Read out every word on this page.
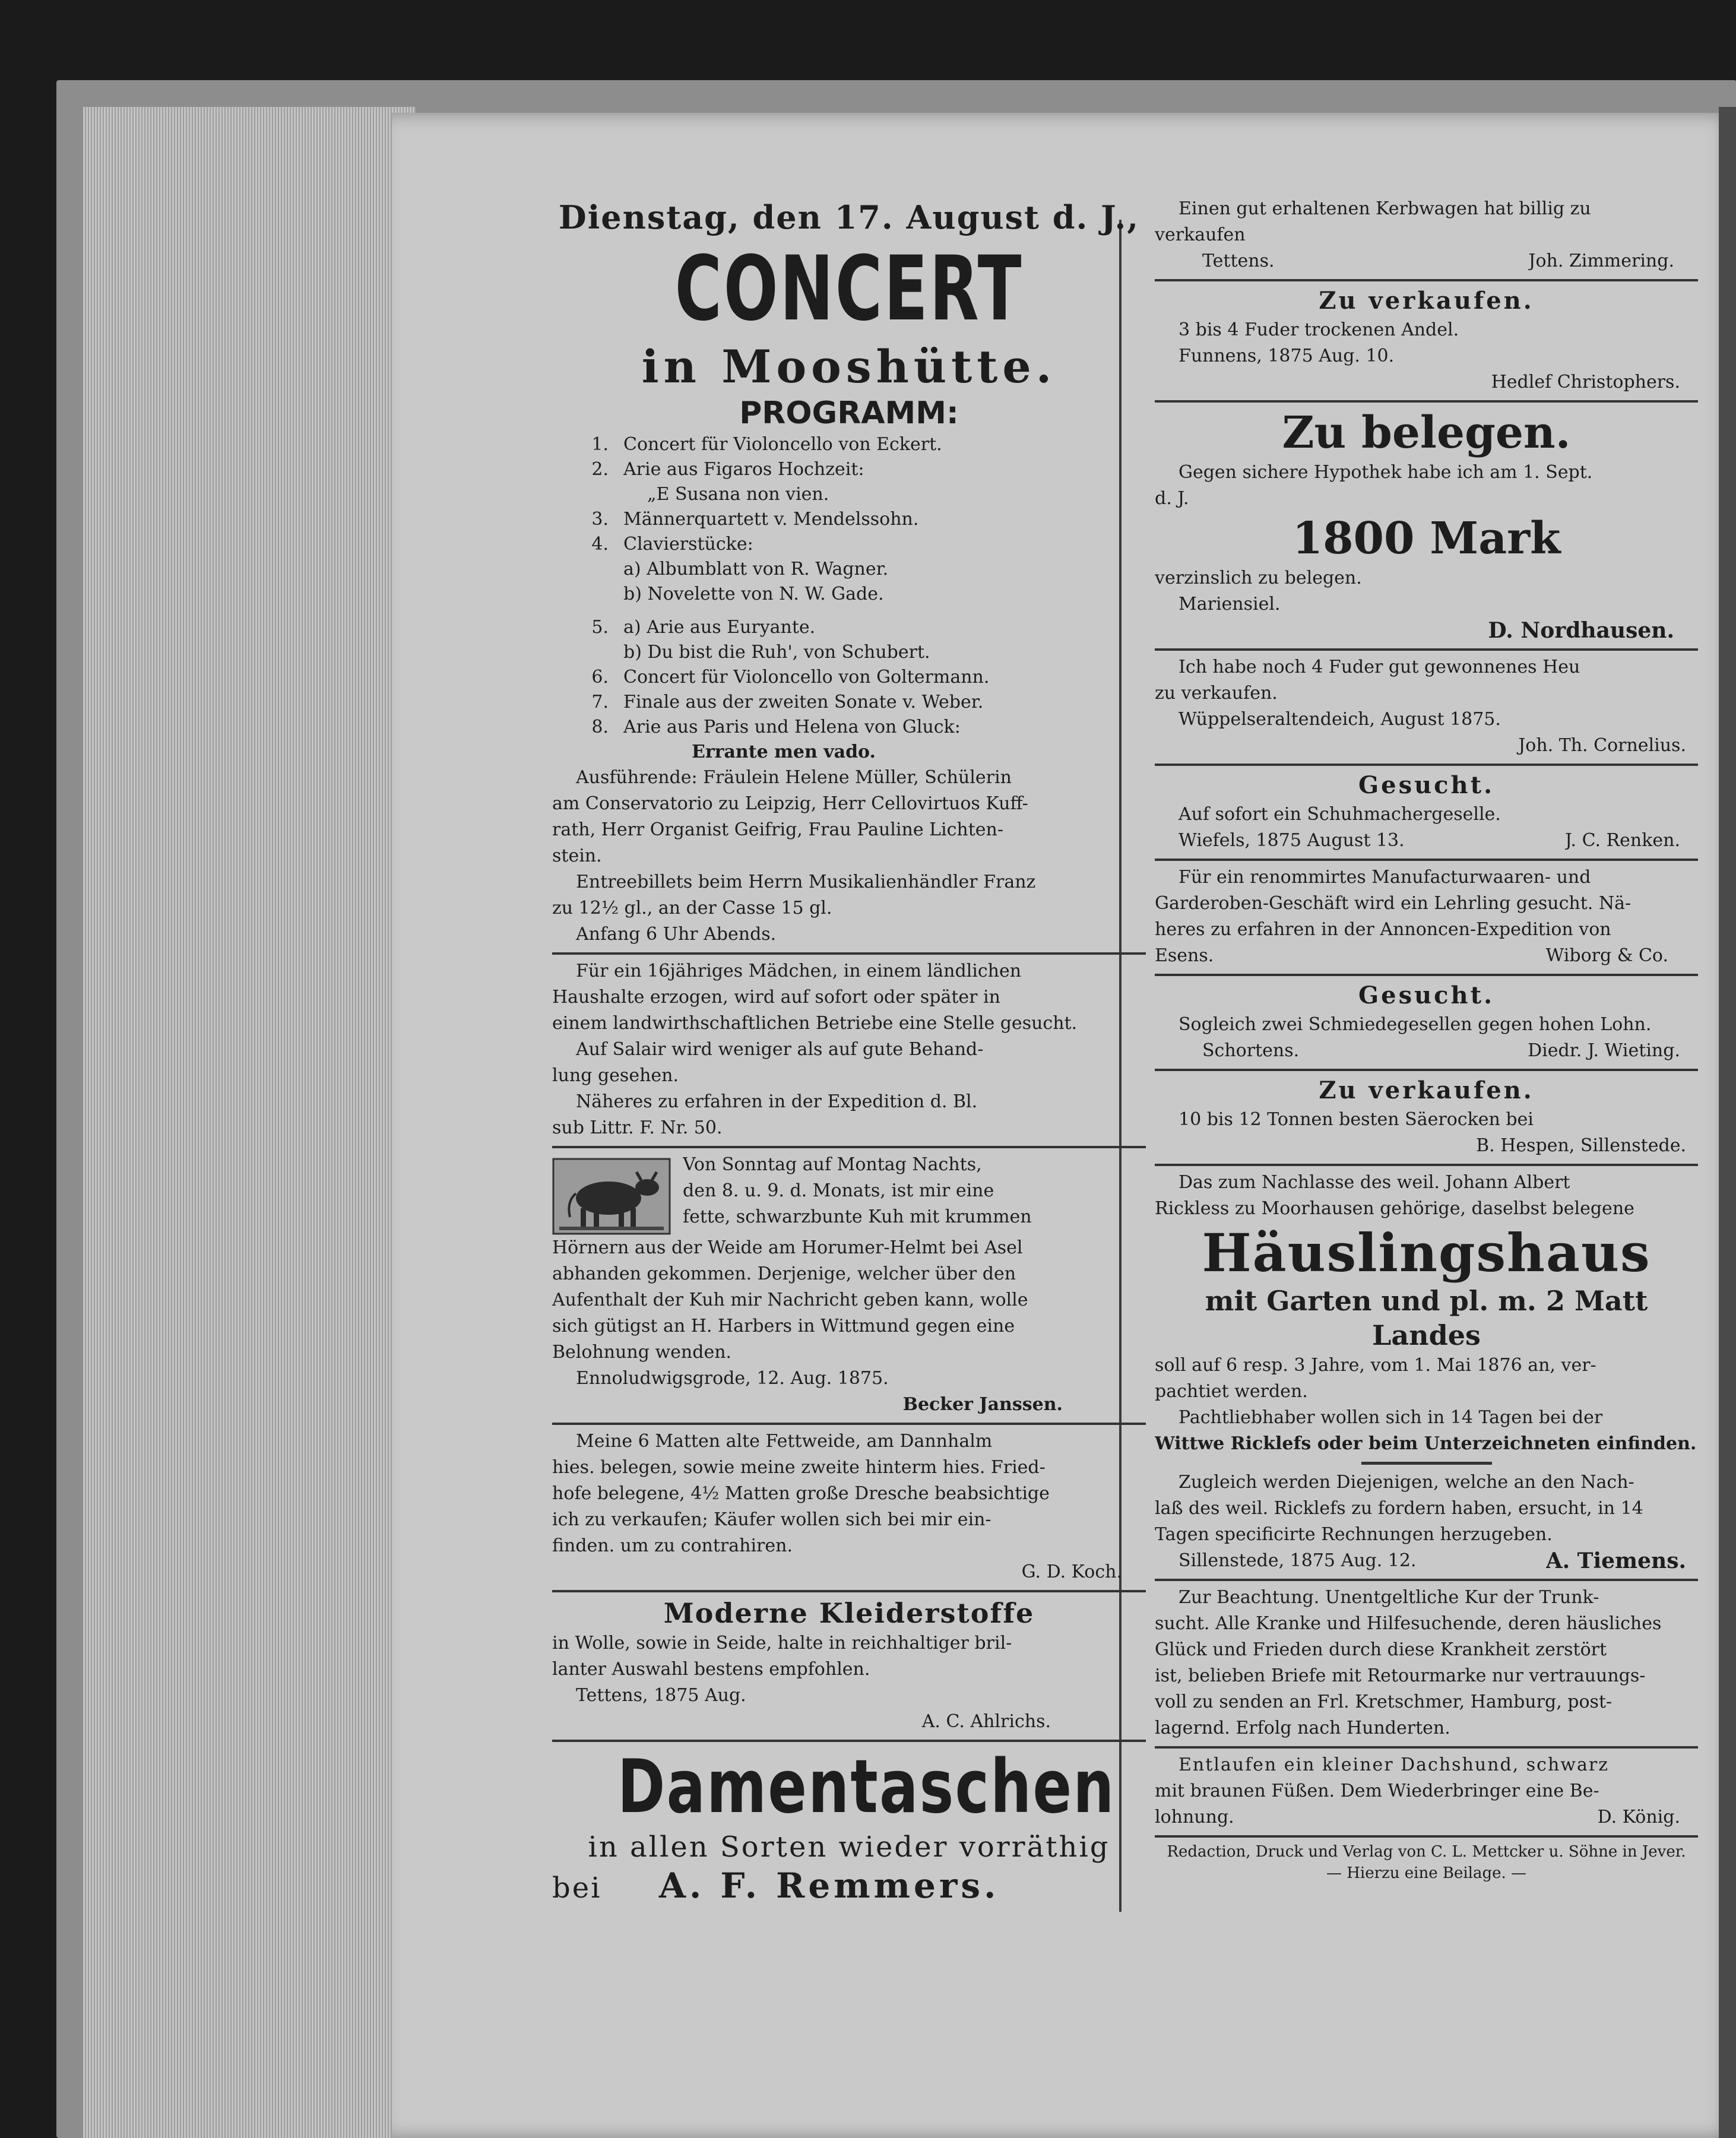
Dienstag, den 17. August d. J.,
CONCERT
in Mooshütte.
PROGRAMM:
1. Concert für Violoncello von Eckert.
2. Arie aus Figaros Hochzeit:
„E Susana non vien.
3. Männerquartett v. Mendelssohn.
4. Clavierstücke:
a) Albumblatt von R. Wagner.
b) Novelette von N. W. Gade.
5. a) Arie aus Euryante.
b) Du bist die Ruh', von Schubert.
6. Concert für Violoncello von Goltermann.
7. Finale aus der zweiten Sonate v. Weber.
8. Arie aus Paris und Helena von Gluck:
Errante men vado.
Ausführende: Fräulein Helene Müller, Schülerin
am Conservatorio zu Leipzig, Herr Cellovirtuos Kuff-
rath, Herr Organist Geifrig, Frau Pauline Lichten-
stein.
Entreebillets beim Herrn Musikalienhändler Franz
zu 12½ gl., an der Casse 15 gl.
Anfang 6 Uhr Abends.
Für ein 16jähriges Mädchen, in einem ländlichen
Haushalte erzogen, wird auf sofort oder später in
einem landwirthschaftlichen Betriebe eine Stelle gesucht.
Auf Salair wird weniger als auf gute Behand-
lung gesehen.
Näheres zu erfahren in der Expedition d. Bl.
sub Littr. F. Nr. 50.
Von Sonntag auf Montag Nachts,
den 8. u. 9. d. Monats, ist mir eine
fette, schwarzbunte Kuh mit krummen
Hörnern aus der Weide am Horumer-Helmt bei Asel
abhanden gekommen. Derjenige, welcher über den
Aufenthalt der Kuh mir Nachricht geben kann, wolle
sich gütigst an H. Harbers in Wittmund gegen eine
Belohnung wenden.
Ennoludwigsgrode, 12. Aug. 1875.
Becker Janssen.
Meine 6 Matten alte Fettweide, am Dannhalm
hies. belegen, sowie meine zweite hinterm hies. Fried-
hofe belegene, 4½ Matten große Dresche beabsichtige
ich zu verkaufen; Käufer wollen sich bei mir ein-
finden. um zu contrahiren.
G. D. Koch.
Moderne Kleiderstoffe
in Wolle, sowie in Seide, halte in reichhaltiger bril-
lanter Auswahl bestens empfohlen.
Tettens, 1875 Aug.
A. C. Ahlrichs.
Damentaschen
in allen Sorten wieder vorräthig
bei	A. F. Remmers.
Einen gut erhaltenen Kerbwagen hat billig zu
verkaufen
Tettens.	Joh. Zimmering.
Zu verkaufen.
3 bis 4 Fuder trockenen Andel.
Funnens, 1875 Aug. 10.
Hedlef Christophers.
Zu belegen.
Gegen sichere Hypothek habe ich am 1. Sept.
d. J.
1800 Mark
verzinslich zu belegen.
Mariensiel.
D. Nordhausen.
Ich habe noch 4 Fuder gut gewonnenes Heu
zu verkaufen.
Wüppelseraltendeich, August 1875.
Joh. Th. Cornelius.
Gesucht.
Auf sofort ein Schuhmachergeselle.
Wiefels, 1875 August 13.	J. C. Renken.
Für ein renommirtes Manufacturwaaren- und
Garderoben-Geschäft wird ein Lehrling gesucht. Nä-
heres zu erfahren in der Annoncen-Expedition von
Wiborg & Co.
Esens.
Gesucht.
Sogleich zwei Schmiedegesellen gegen hohen Lohn.
Schortens.	Diedr. J. Wieting.
Zu verkaufen.
10 bis 12 Tonnen besten Säerocken bei
B. Hespen, Sillenstede.
Das zum Nachlasse des weil. Johann Albert
Rickless zu Moorhausen gehörige, daselbst belegene
Häuslingshaus
mit Garten und pl. m. 2 Matt
Landes
soll auf 6 resp. 3 Jahre, vom 1. Mai 1876 an, ver-
pachtiet werden.
Pachtliebhaber wollen sich in 14 Tagen bei der
Wittwe Ricklefs oder beim Unterzeichneten einfinden.
Zugleich werden Diejenigen, welche an den Nach-
laß des weil. Ricklefs zu fordern haben, ersucht, in 14
Tagen specificirte Rechnungen herzugeben.
Sillenstede, 1875 Aug. 12.	A. Tiemens.
Zur Beachtung. Unentgeltliche Kur der Trunk-
sucht. Alle Kranke und Hilfesuchende, deren häusliches
Glück und Frieden durch diese Krankheit zerstört
ist, belieben Briefe mit Retourmarke nur vertrauungs-
voll zu senden an Frl. Kretschmer, Hamburg, post-
lagernd. Erfolg nach Hunderten.
Entlaufen ein kleiner Dachshund, schwarz
mit braunen Füßen. Dem Wiederbringer eine Be-
D. König.
lohnung.
Redaction, Druck und Verlag von C. L. Mettcker u. Söhne in Jever.
— Hierzu eine Beilage. —
